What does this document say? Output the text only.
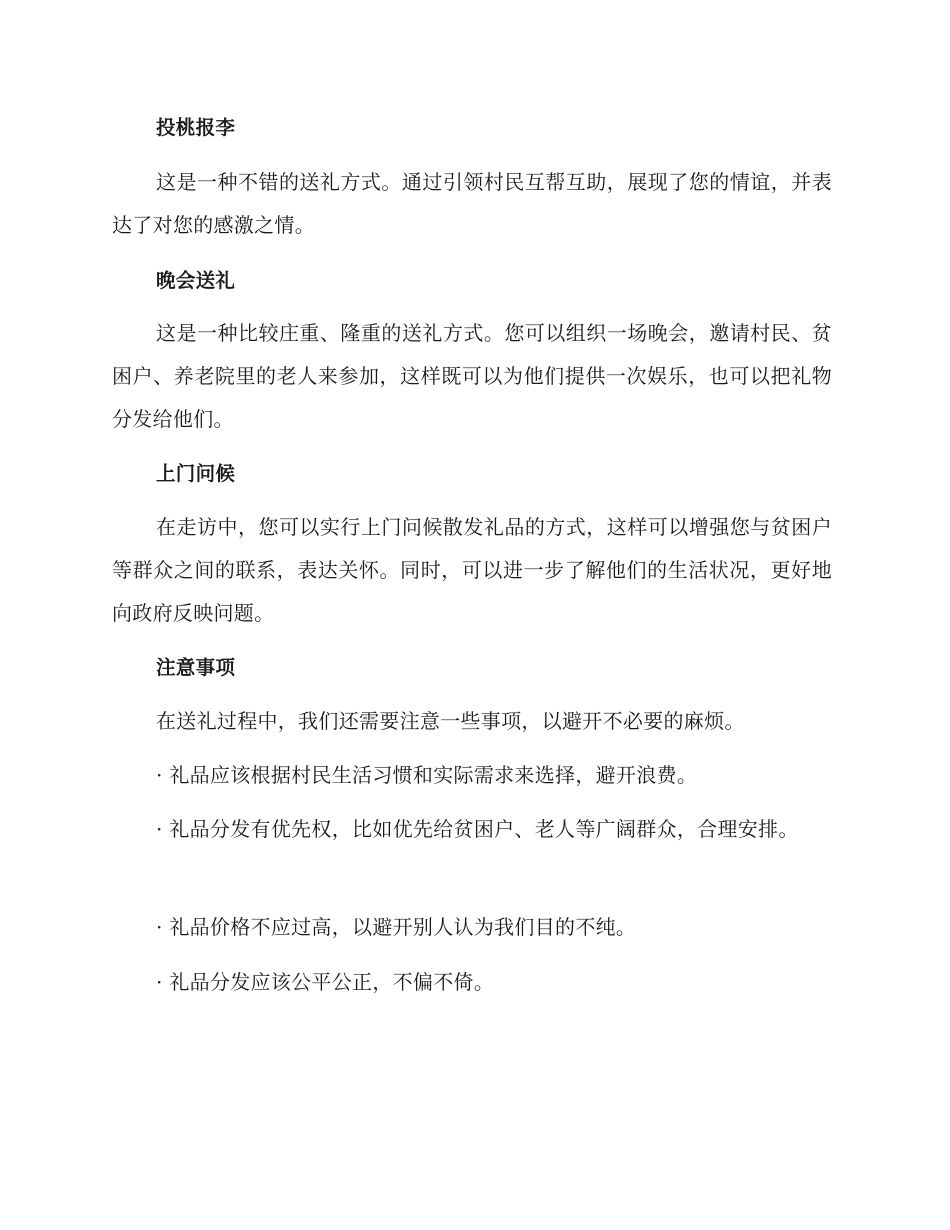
投桃报李
这是一种不错的送礼方式。通过引领村民互帮互助，展现了您的情谊，并表达了对您的感激之情。
晚会送礼
这是一种比较庄重、隆重的送礼方式。您可以组织一场晚会，邀请村民、贫困户、养老院里的老人来参加，这样既可以为他们提供一次娱乐，也可以把礼物分发给他们。
上门问候
在走访中，您可以实行上门问候散发礼品的方式，这样可以增强您与贫困户等群众之间的联系，表达关怀。同时，可以进一步了解他们的生活状况，更好地向政府反映问题。
注意事项
在送礼过程中，我们还需要注意一些事项，以避开不必要的麻烦。
· 礼品应该根据村民生活习惯和实际需求来选择，避开浪费。
· 礼品分发有优先权，比如优先给贫困户、老人等广阔群众，合理安排。
· 礼品价格不应过高，以避开别人认为我们目的不纯。
· 礼品分发应该公平公正，不偏不倚。
